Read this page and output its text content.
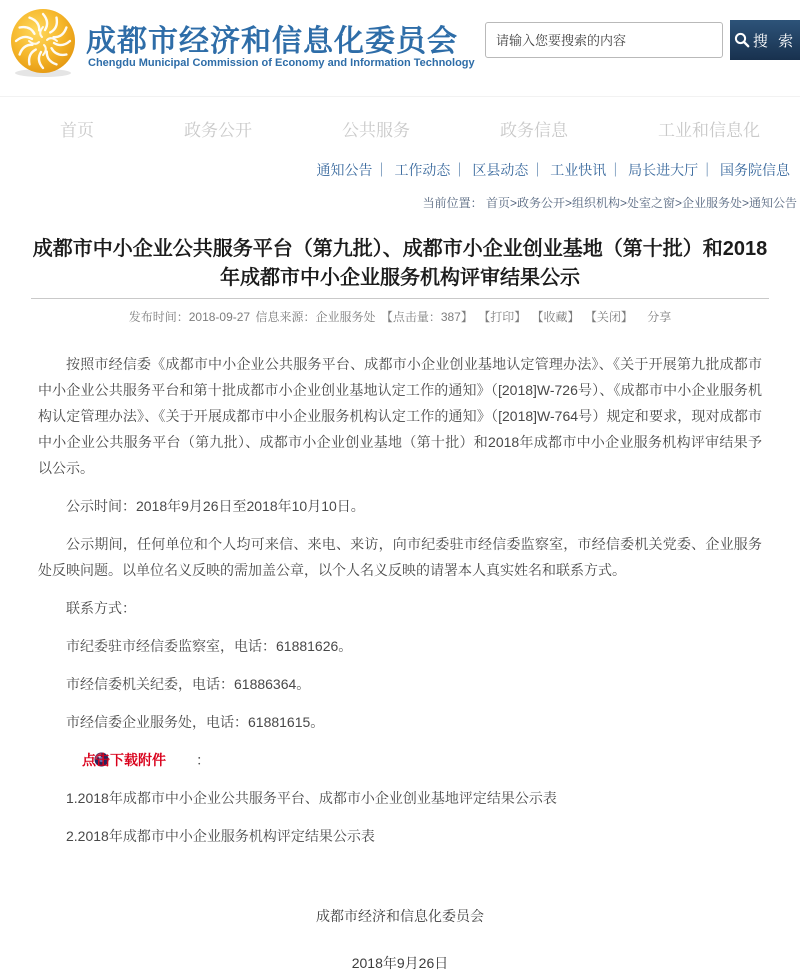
成都市经济和信息化委员会
Chengdu Municipal Commission of Economy and Information Technology
请输入您要搜索的内容
搜 索
首页	政务公开	公共服务	政务信息	工业和信息化
通知公告 ｜ 工作动态 ｜ 区县动态 ｜ 工业快讯 ｜ 局长进大厅 ｜ 国务院信息
当前位置： 首页>政务公开>组织机构>处室之窗>企业服务处>通知公告
成都市中小企业公共服务平台（第九批）、成都市小企业创业基地（第十批）和2018年成都市中小企业服务机构评审结果公示
发布时间：2018-09-27 信息来源：企业服务处 【点击量：387】 【打印】 【收藏】 【关闭】 分享

按照市经信委《成都市中小企业公共服务平台、成都市小企业创业基地认定管理办法》、《关于开展第九批成都市中小企业公共服务平台和第十批成都市小企业创业基地认定工作的通知》（[2018]W-726号）、《成都市中小企业服务机构认定管理办法》、《关于开展成都市中小企业服务机构认定工作的通知》（[2018]W-764号）规定和要求，现对成都市中小企业公共服务平台（第九批）、成都市小企业创业基地（第十批）和2018年成都市中小企业服务机构评审结果予以公示。

公示时间：2018年9月26日至2018年10月10日。

公示期间，任何单位和个人均可来信、来电、来访，向市纪委驻市经信委监察室，市经信委机关党委、企业服务处反映问题。以单位名义反映的需加盖公章，以个人名义反映的请署本人真实姓名和联系方式。

联系方式：

市纪委驻市经信委监察室，电话：61881626。

市经信委机关纪委，电话：61886364。

市经信委企业服务处，电话：61881615。

点击下载附件 ：

1.2018年成都市中小企业公共服务平台、成都市小企业创业基地评定结果公示表

2.2018年成都市中小企业服务机构评定结果公示表

成都市经济和信息化委员会
2018年9月26日
